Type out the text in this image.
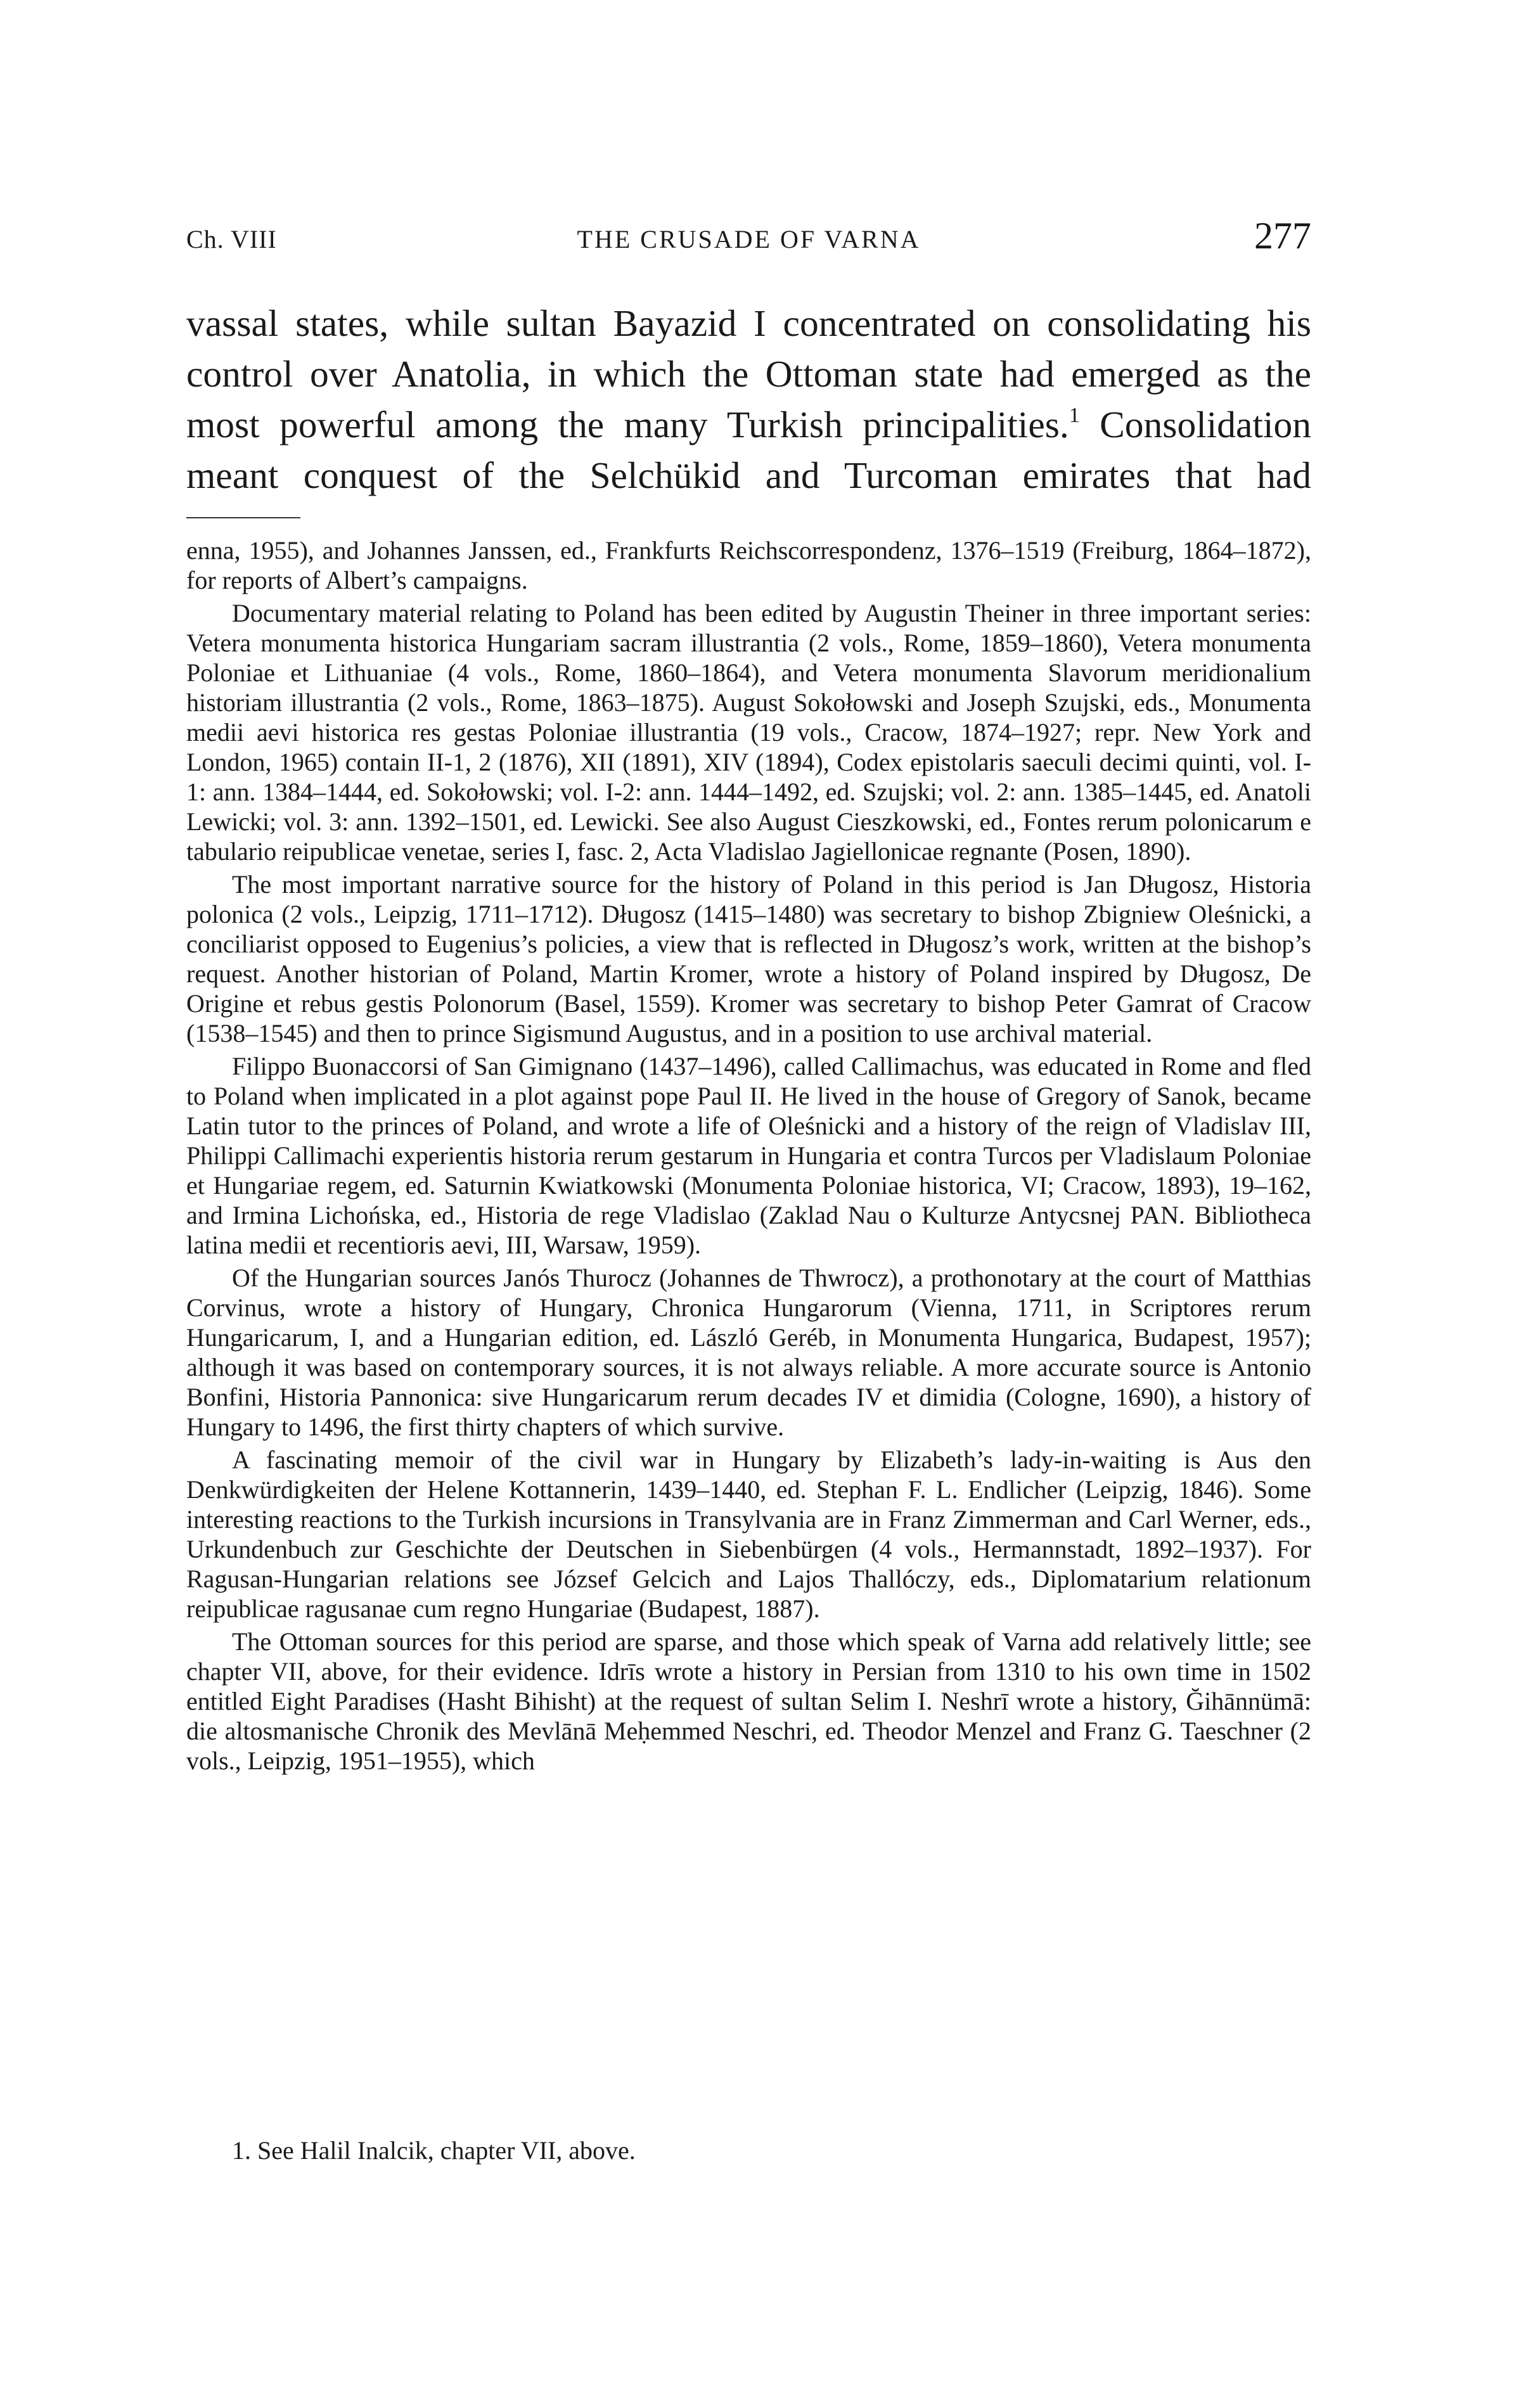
Ch. VIII	THE CRUSADE OF VARNA	277
vassal states, while sultan Bayazid I concentrated on consolidating his
control over Anatolia, in which the Ottoman state had emerged as the
most powerful among the many Turkish principalities.$^1$ Consolidation
meant conquest of the Selchükid and Turcoman emirates that had

enna, 1955), and Johannes Janssen, ed., Frankfurts Reichscorrespondenz, 1376–1519 (Freiburg, 1864–1872), for reports of Albert’s campaigns.

Documentary material relating to Poland has been edited by Augustin Theiner in three important series: Vetera monumenta historica Hungariam sacram illustrantia (2 vols., Rome, 1859–1860), Vetera monumenta Poloniae et Lithuaniae (4 vols., Rome, 1860–1864), and Vetera monumenta Slavorum meridionalium historiam illustrantia (2 vols., Rome, 1863–1875). August Sokołowski and Joseph Szujski, eds., Monumenta medii aevi historica res gestas Poloniae illustrantia (19 vols., Cracow, 1874–1927; repr. New York and London, 1965) contain II-1, 2 (1876), XII (1891), XIV (1894), Codex epistolaris saeculi decimi quinti, vol. I-1: ann. 1384–1444, ed. Sokołowski; vol. I-2: ann. 1444–1492, ed. Szujski; vol. 2: ann. 1385–1445, ed. Anatoli Lewicki; vol. 3: ann. 1392–1501, ed. Lewicki. See also August Cieszkowski, ed., Fontes rerum polonicarum e tabulario reipublicae venetae, series I, fasc. 2, Acta Vladislao Jagiellonicae regnante (Posen, 1890).

The most important narrative source for the history of Poland in this period is Jan Długosz, Historia polonica (2 vols., Leipzig, 1711–1712). Długosz (1415–1480) was secretary to bishop Zbigniew Oleśnicki, a conciliarist opposed to Eugenius’s policies, a view that is reflected in Długosz’s work, written at the bishop’s request. Another historian of Poland, Martin Kromer, wrote a history of Poland inspired by Długosz, De Origine et rebus gestis Polonorum (Basel, 1559). Kromer was secretary to bishop Peter Gamrat of Cracow (1538–1545) and then to prince Sigismund Augustus, and in a position to use archival material.

Filippo Buonaccorsi of San Gimignano (1437–1496), called Callimachus, was educated in Rome and fled to Poland when implicated in a plot against pope Paul II. He lived in the house of Gregory of Sanok, became Latin tutor to the princes of Poland, and wrote a life of Oleśnicki and a history of the reign of Vladislav III, Philippi Callimachi experientis historia rerum gestarum in Hungaria et contra Turcos per Vladislaum Poloniae et Hungariae regem, ed. Saturnin Kwiatkowski (Monumenta Poloniae historica, VI; Cracow, 1893), 19–162, and Irmina Lichońska, ed., Historia de rege Vladislao (Zaklad Nau o Kulturze Antycsnej PAN. Bibliotheca latina medii et recentioris aevi, III, Warsaw, 1959).

Of the Hungarian sources Janós Thurocz (Johannes de Thwrocz), a prothonotary at the court of Matthias Corvinus, wrote a history of Hungary, Chronica Hungarorum (Vienna, 1711, in Scriptores rerum Hungaricarum, I, and a Hungarian edition, ed. László Geréb, in Monumenta Hungarica, Budapest, 1957); although it was based on contemporary sources, it is not always reliable. A more accurate source is Antonio Bonfini, Historia Pannonica: sive Hungaricarum rerum decades IV et dimidia (Cologne, 1690), a history of Hungary to 1496, the first thirty chapters of which survive.

A fascinating memoir of the civil war in Hungary by Elizabeth’s lady-in-waiting is Aus den Denkwürdigkeiten der Helene Kottannerin, 1439–1440, ed. Stephan F. L. Endlicher (Leipzig, 1846). Some interesting reactions to the Turkish incursions in Transylvania are in Franz Zimmerman and Carl Werner, eds., Urkundenbuch zur Geschichte der Deutschen in Siebenbürgen (4 vols., Hermannstadt, 1892–1937). For Ragusan-Hungarian relations see József Gelcich and Lajos Thallóczy, eds., Diplomatarium relationum reipublicae ragusanae cum regno Hungariae (Budapest, 1887).

The Ottoman sources for this period are sparse, and those which speak of Varna add relatively little; see chapter VII, above, for their evidence. Idrīs wrote a history in Persian from 1310 to his own time in 1502 entitled Eight Paradises (Hasht Bihisht) at the request of sultan Selim I. Neshrī wrote a history, Ğihānnümā: die altosmanische Chronik des Mevlānā Meḥemmed Neschri, ed. Theodor Menzel and Franz G. Taeschner (2 vols., Leipzig, 1951–1955), which

1. See Halil Inalcik, chapter VII, above.
